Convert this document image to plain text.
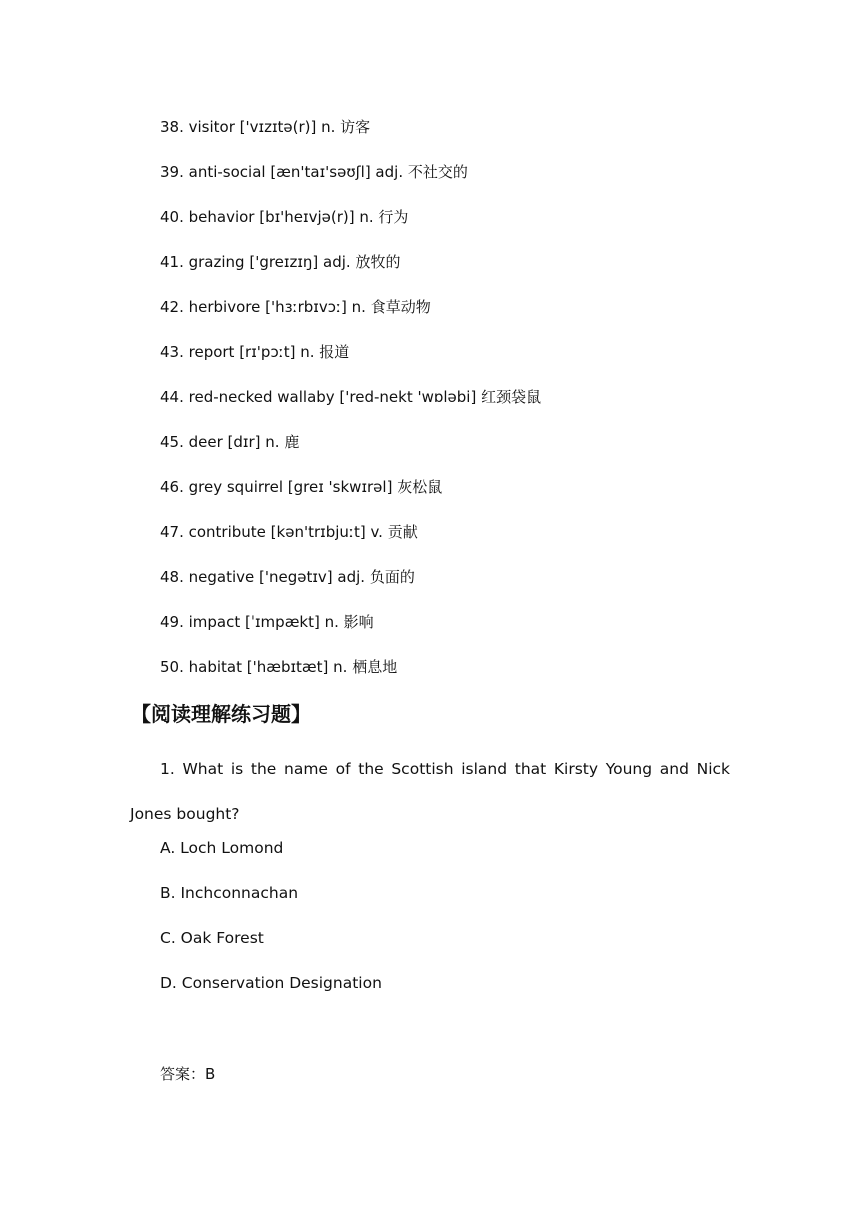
38. visitor ['vɪzɪtə(r)] n. 访客
39. anti-social [æn'taɪ'səʊʃl] adj. 不社交的
40. behavior [bɪ'heɪvjə(r)] n. 行为
41. grazing ['greɪzɪŋ] adj. 放牧的
42. herbivore ['hɜːrbɪvɔː] n. 食草动物
43. report [rɪ'pɔːt] n. 报道
44. red-necked wallaby ['red-nekt 'wɒləbi] 红颈袋鼠
45. deer [dɪr] n. 鹿
46. grey squirrel [greɪ 'skwɪrəl] 灰松鼠
47. contribute [kən'trɪbjuːt] v. 贡献
48. negative ['negətɪv] adj. 负面的
49. impact [ˈɪmpækt] n. 影响
50. habitat ['hæbɪtæt] n. 栖息地
【阅读理解练习题】
1. What is the name of the Scottish island that Kirsty Young and Nick Jones bought?
A. Loch Lomond
B. Inchconnachan
C. Oak Forest
D. Conservation Designation
答案：B
